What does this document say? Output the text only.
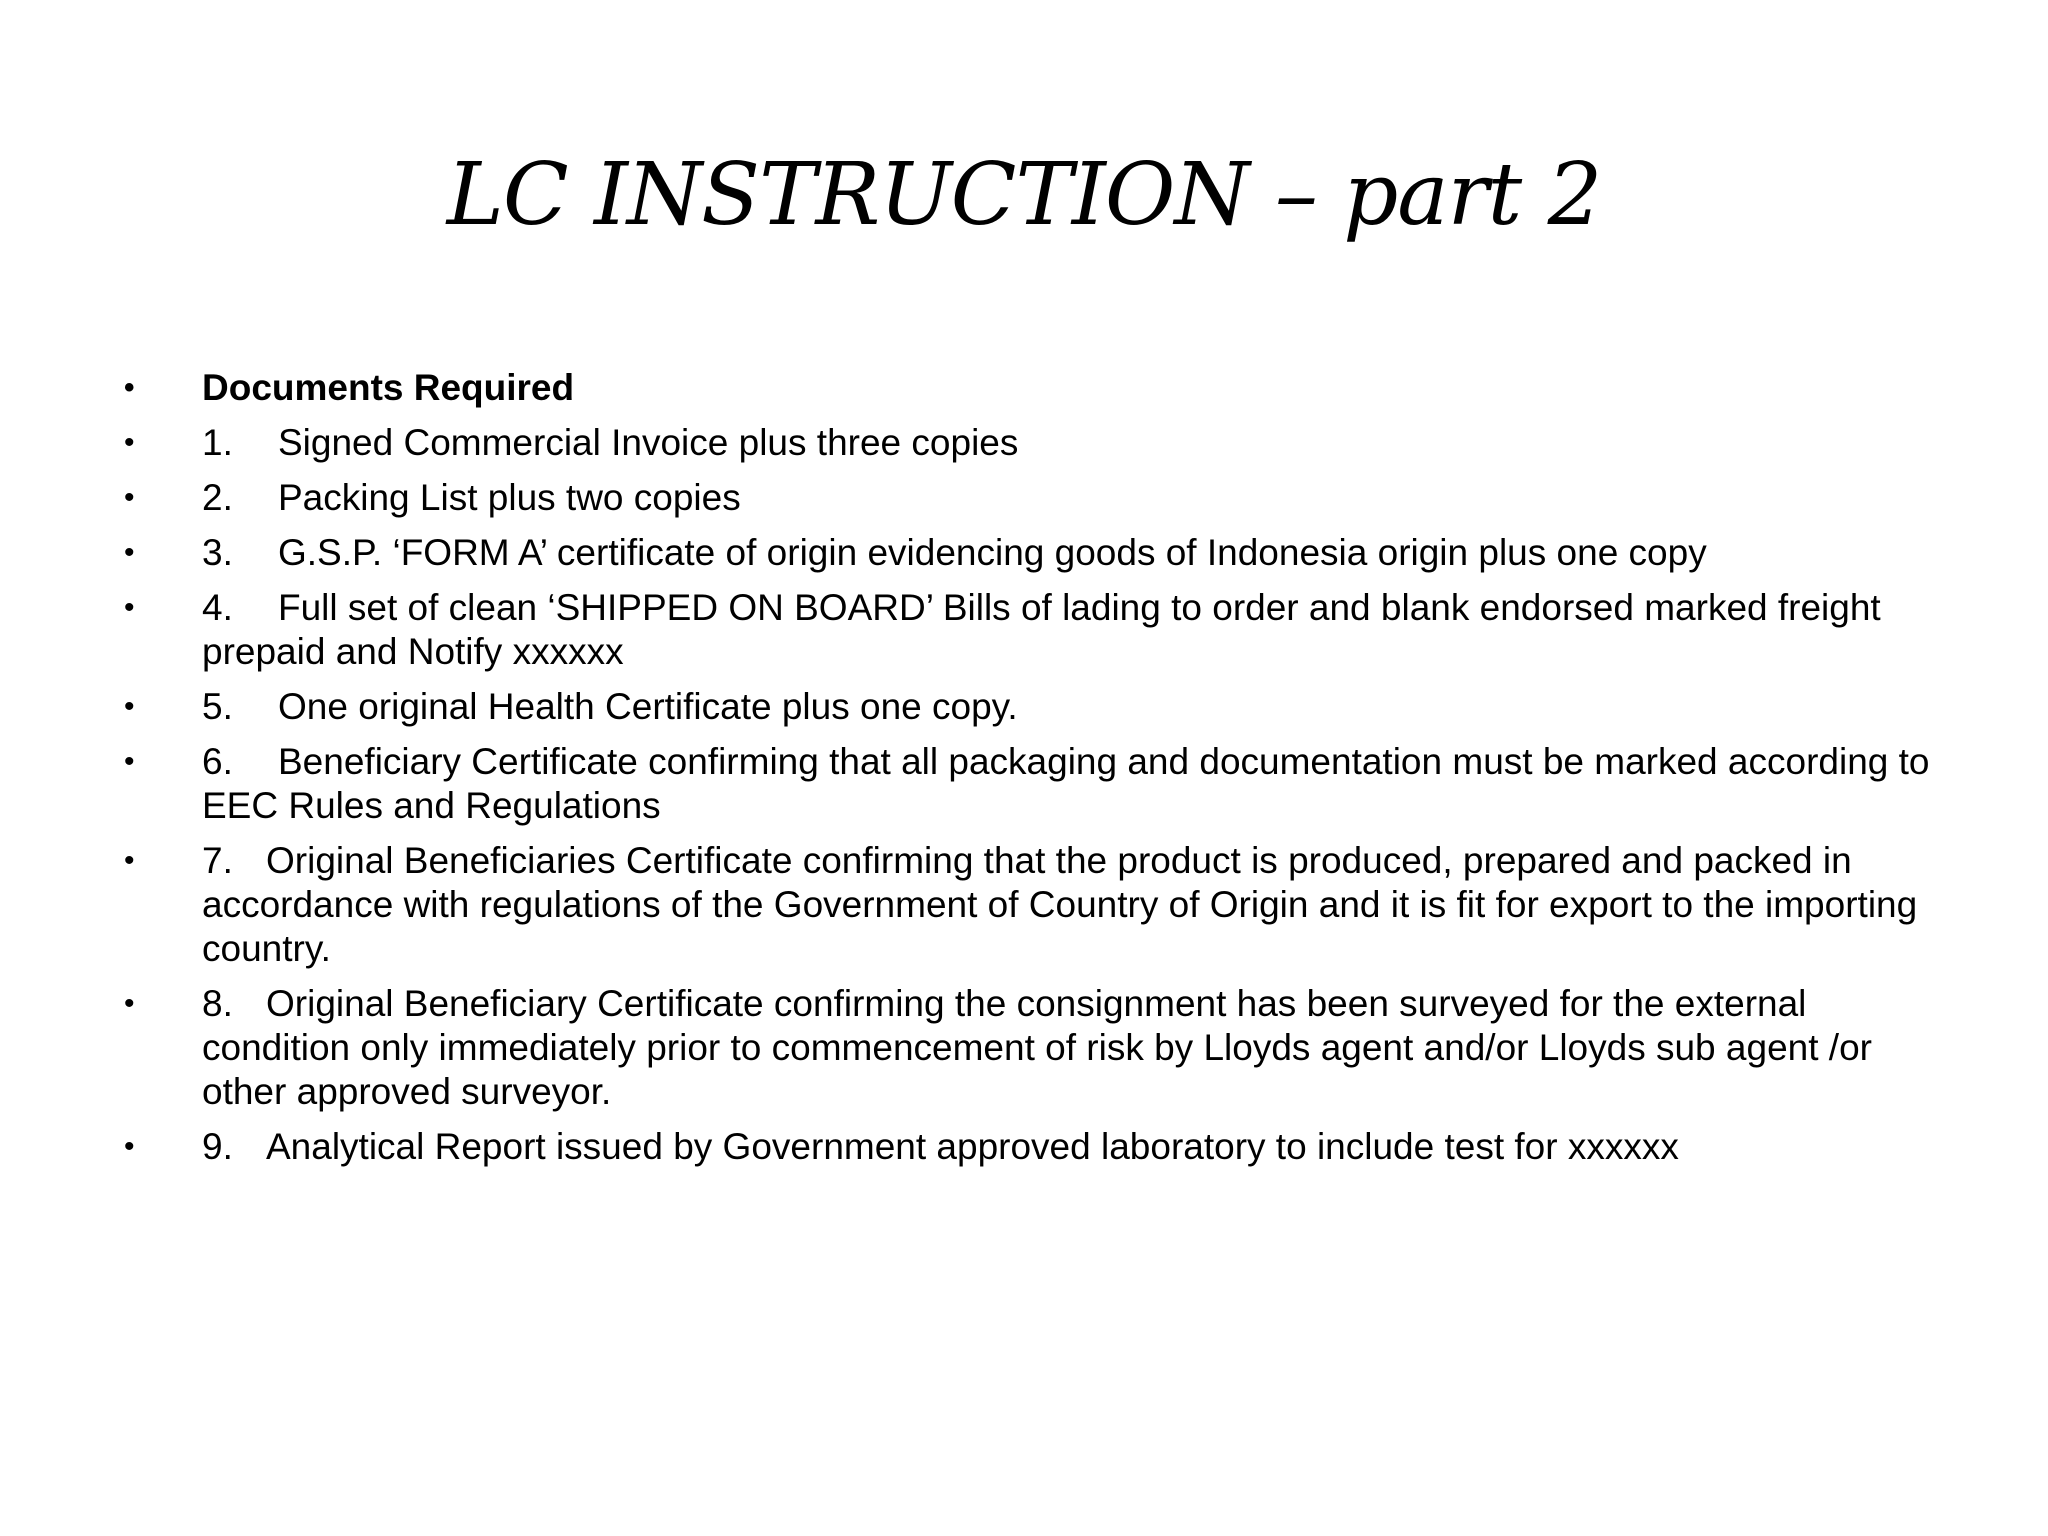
LC INSTRUCTION – part 2
• Documents Required
• 1. Signed Commercial Invoice plus three copies
• 2. Packing List plus two copies
• 3. G.S.P. ‘FORM A’ certificate of origin evidencing goods of Indonesia origin plus one copy
• 4. Full set of clean ‘SHIPPED ON BOARD’ Bills of lading to order and blank endorsed marked freight prepaid and Notify xxxxxx
• 5. One original Health Certificate plus one copy.
• 6. Beneficiary Certificate confirming that all packaging and documentation must be marked according to EEC Rules and Regulations
• 7. Original Beneficiaries Certificate confirming that the product is produced, prepared and packed in accordance with regulations of the Government of Country of Origin and it is fit for export to the importing country.
• 8. Original Beneficiary Certificate confirming the consignment has been surveyed for the external condition only immediately prior to commencement of risk by Lloyds agent and/or Lloyds sub agent /or other approved surveyor.
• 9. Analytical Report issued by Government approved laboratory to include test for xxxxxx
